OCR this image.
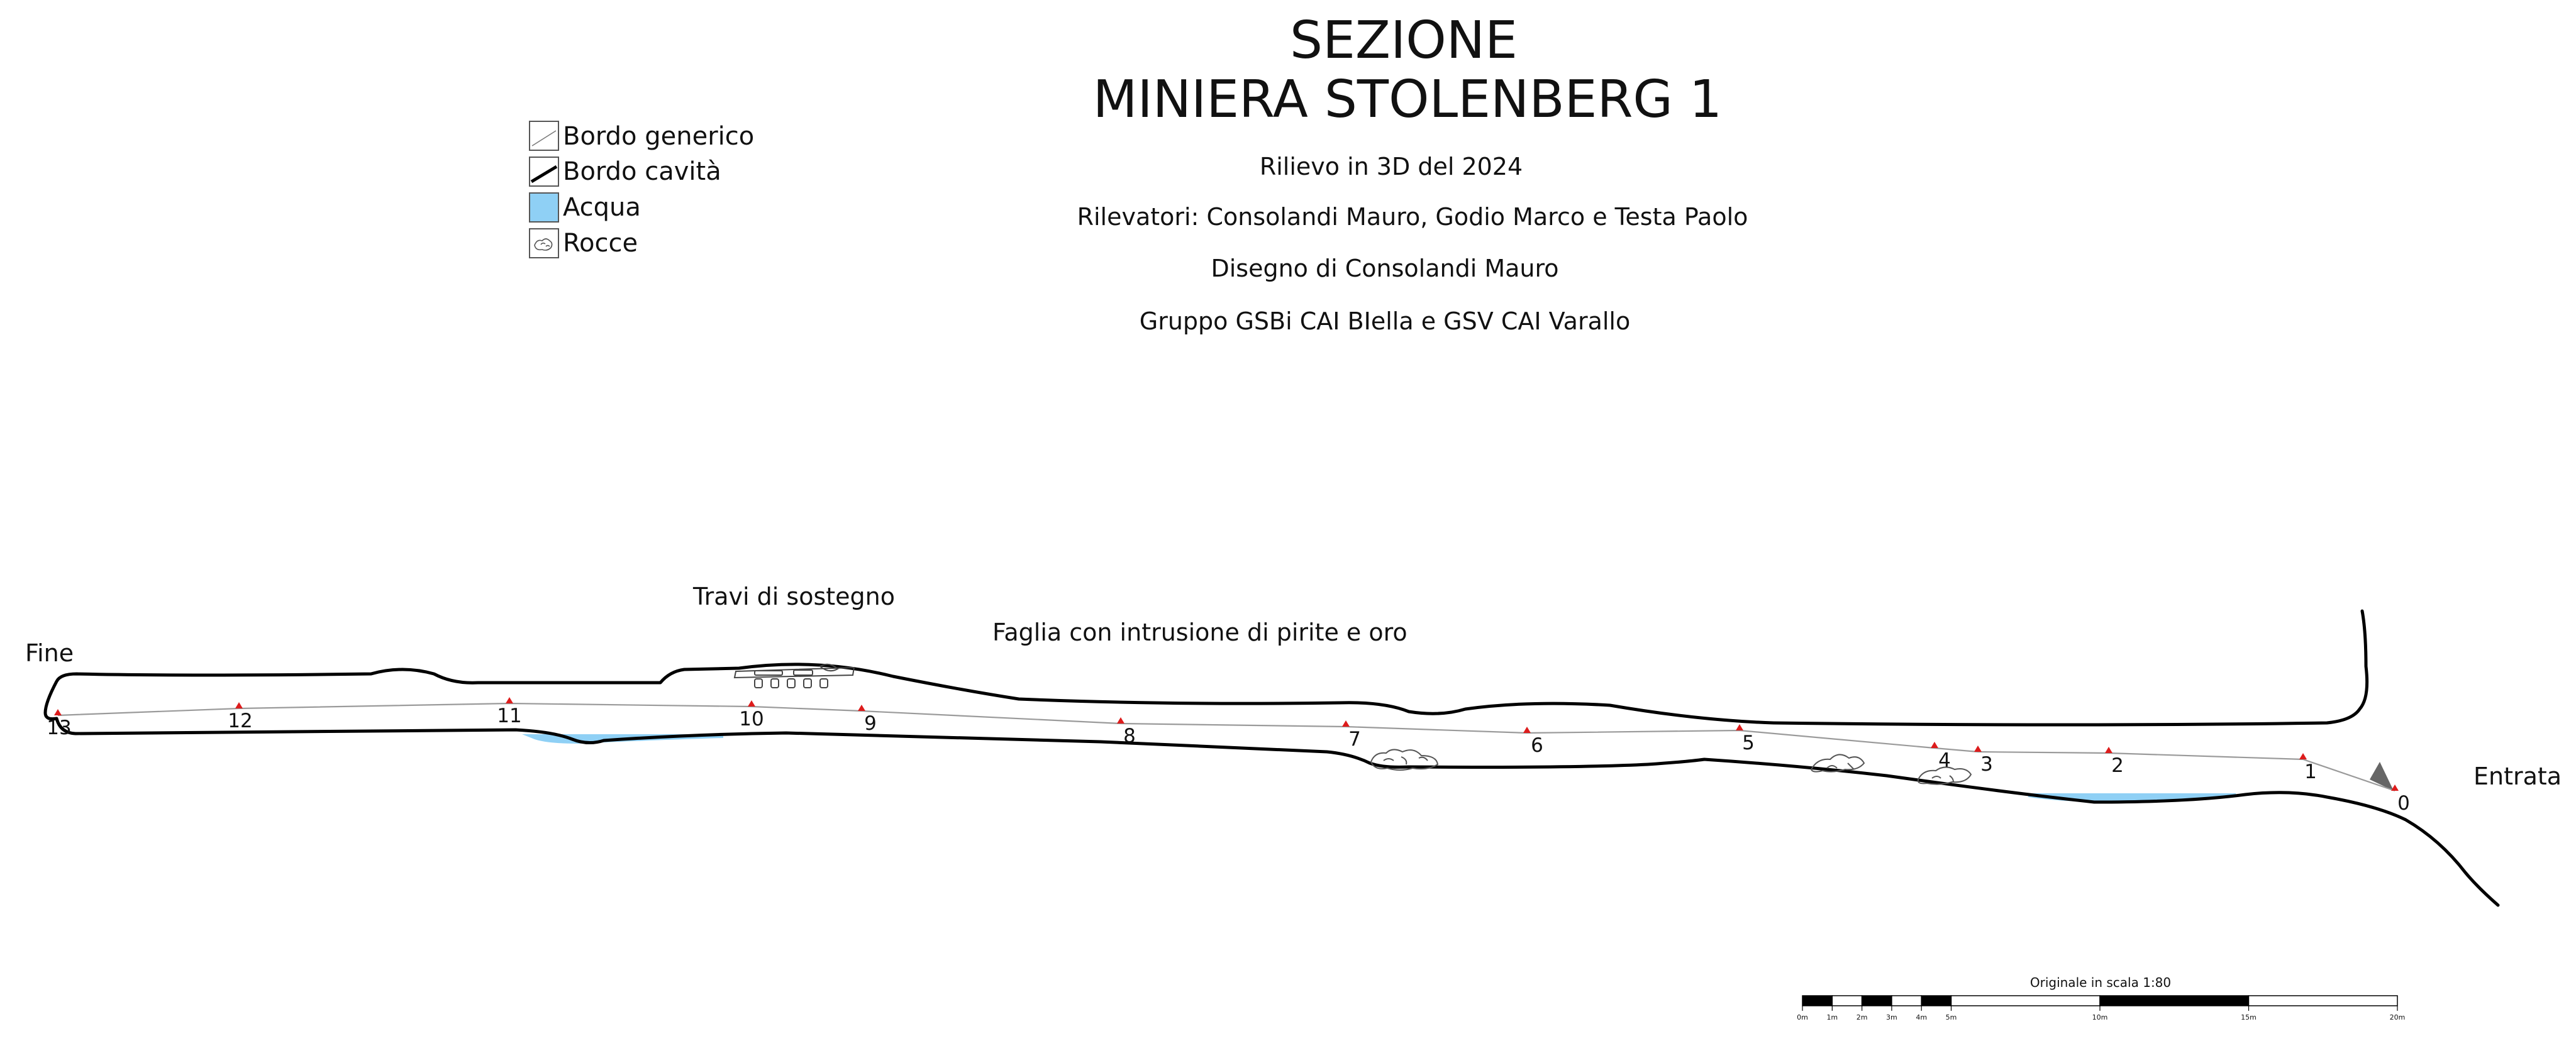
SEZIONE
MINIERA STOLENBERG 1
Rilievo in 3D del 2024
Rilevatori: Consolandi Mauro, Godio Marco e Testa Paolo
Disegno di Consolandi Mauro
Gruppo GSBi CAI BIella e GSV CAI Varallo
Bordo generico
Bordo cavità
Acqua
Rocce
0
1
2
3
4
5
6
7
8
9
10
11
12
13
Fine
Entrata
Travi di sostegno
Faglia con intrusione di pirite e oro
Originale in scala 1:80
0m	1m	2m	3m	4m	5m	10m	15m	20m
